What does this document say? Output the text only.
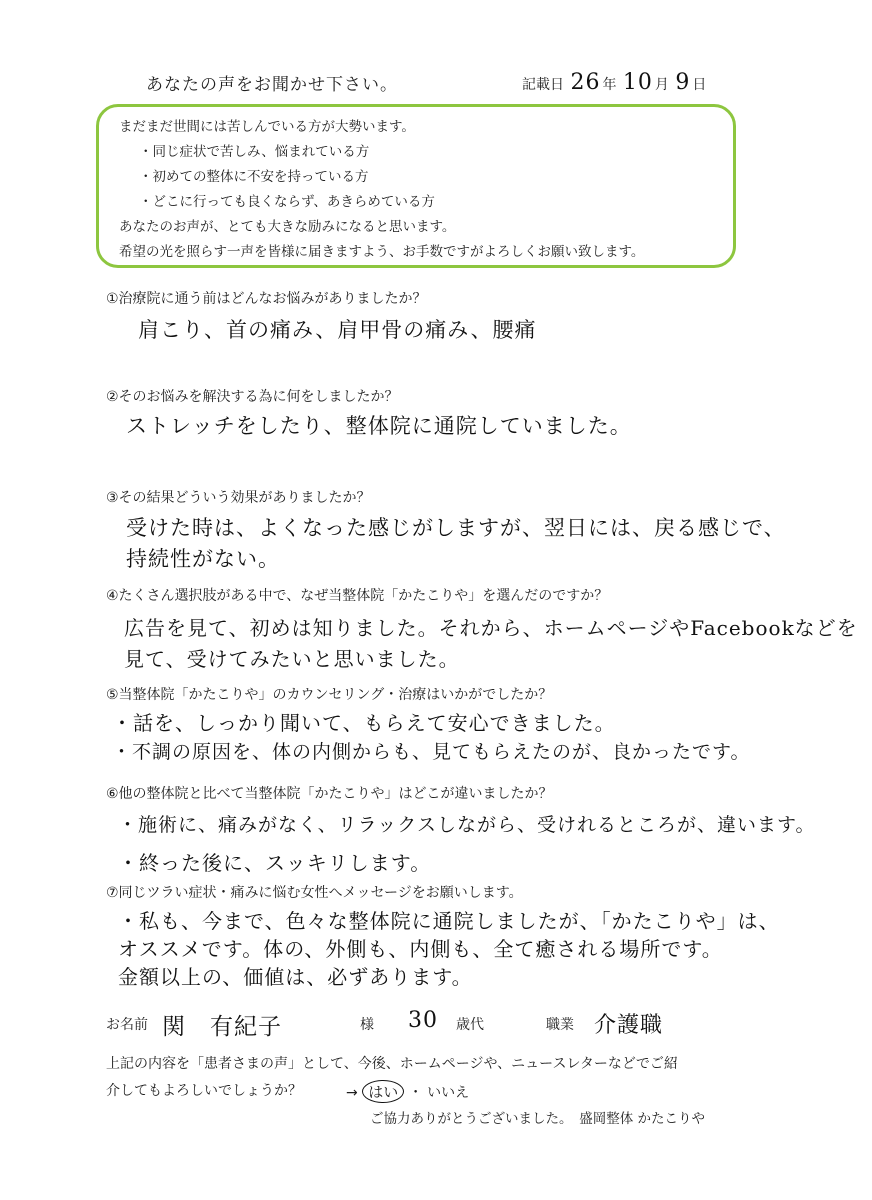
あなたの声をお聞かせ下さい。	記載日 26 年 10 月 9 日
まだまだ世間には苦しんでいる方が大勢います。
・同じ症状で苦しみ、悩まれている方
・初めての整体に不安を持っている方
・どこに行っても良くならず、あきらめている方
あなたのお声が、とても大きな励みになると思います。
希望の光を照らす一声を皆様に届きますよう、お手数ですがよろしくお願い致します。
①治療院に通う前はどんなお悩みがありましたか？
肩こり、首の痛み、肩甲骨の痛み、腰痛
②そのお悩みを解決する為に何をしましたか？
ストレッチをしたり、整体院に通院していました。
③その結果どういう効果がありましたか？
受けた時は、よくなった感じがしますが、翌日には、戻る感じで、
持続性がない。
④たくさん選択肢がある中で、なぜ当整体院「かたこりや」を選んだのですか？
広告を見て、初めは知りました。それから、ホームページやFacebookなどを
見て、受けてみたいと思いました。
⑤当整体院「かたこりや」のカウンセリング・治療はいかがでしたか？
・話を、しっかり聞いて、もらえて安心できました。
・不調の原因を、体の内側からも、見てもらえたのが、良かったです。
⑥他の整体院と比べて当整体院「かたこりや」はどこが違いましたか？
・施術に、痛みがなく、リラックスしながら、受けれるところが、違います。
・終った後に、スッキリします。
⑦同じツラい症状・痛みに悩む女性へメッセージをお願いします。
・私も、今まで、色々な整体院に通院しましたが、「かたこりや」は、
オススメです。体の、外側も、内側も、全て癒される場所です。
金額以上の、価値は、必ずあります。
お名前 関　有紀子	様 30 歳代	職業 介護職
上記の内容を「患者さまの声」として、今後、ホームページや、ニュースレターなどでご紹
介してもよろしいでしょうか？	→ はい ・ いいえ
ご協力ありがとうございました。　盛岡整体 かたこりや
